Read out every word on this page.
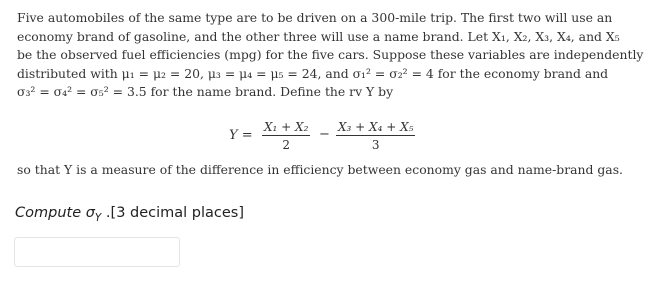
Five automobiles of the same type are to be driven on a 300-mile trip. The first two will use an

economy brand of gasoline, and the other three will use a name brand. Let X₁, X₂, X₃, X₄, and X₅

be the observed fuel efficiencies (mpg) for the five cars. Suppose these variables are independently

distributed with μ₁ = μ₂ = 20, μ₃ = μ₄ = μ₅ = 24, and σ₁² = σ₂² = 4 for the economy brand and

σ₃² = σ₄² = σ₅² = 3.5 for the name brand. Define the rv Y by

$Y = \frac{\text{X₁ + X₂}}{2} - \frac{\text{X₃ + X₄ + X₅}}{3}$
so that Y is a measure of the difference in efficiency between economy gas and name-brand gas.
Compute $\sigma_Y$ .[3 decimal places]
